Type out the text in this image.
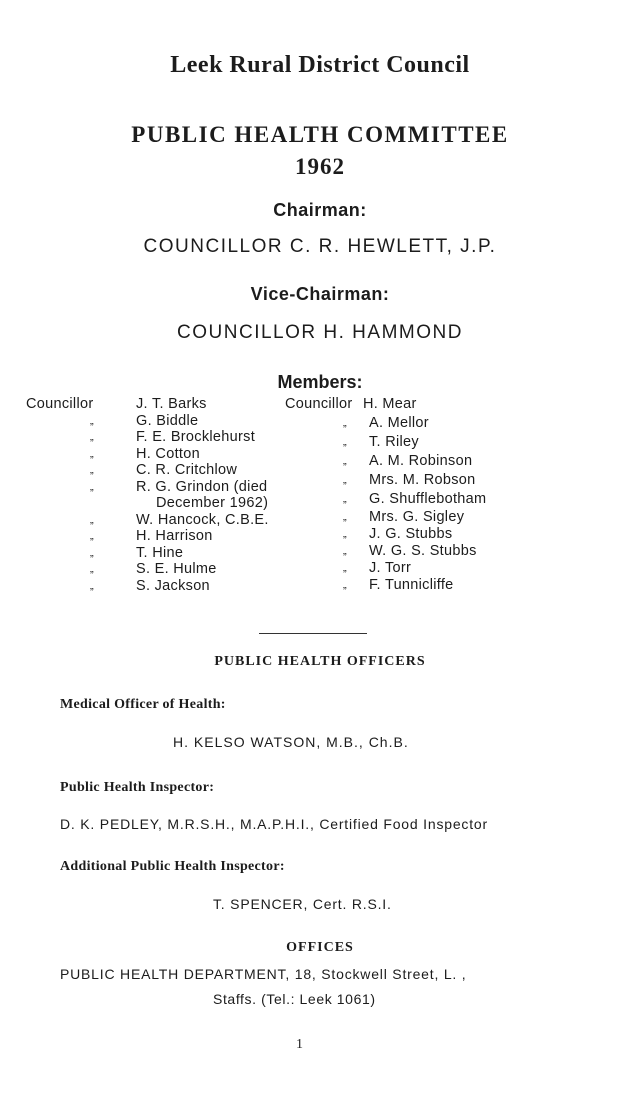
Leek Rural District Council
PUBLIC HEALTH COMMITTEE
1962
Chairman:
COUNCILLOR C. R. HEWLETT, J.P.
Vice-Chairman:
COUNCILLOR H. HAMMOND
Members:
Councillor	J. T. Barks
„	G. Biddle
„	F. E. Brocklehurst
„	H. Cotton
„	C. R. Critchlow
„	R. G. Grindon (died
December 1962)
„	W. Hancock, C.B.E.
„	H. Harrison
„	T. Hine
„	S. E. Hulme
„	S. Jackson
Councillor H. Mear
„ A. Mellor
„ T. Riley
„ A. M. Robinson
„ Mrs. M. Robson
„ G. Shufflebotham
„ Mrs. G. Sigley
„ J. G. Stubbs
„ W. G. S. Stubbs
„ J. Torr
„ F. Tunnicliffe
PUBLIC HEALTH OFFICERS
Medical Officer of Health:
H. KELSO WATSON, M.B., Ch.B.
Public Health Inspector:
D. K. PEDLEY, M.R.S.H., M.A.P.H.I., Certified Food Inspector
Additional Public Health Inspector:
T. SPENCER, Cert. R.S.I.
OFFICES
PUBLIC HEALTH DEPARTMENT, 18, Stockwell Street, L. ,
Staffs. (Tel.: Leek 1061)
1
